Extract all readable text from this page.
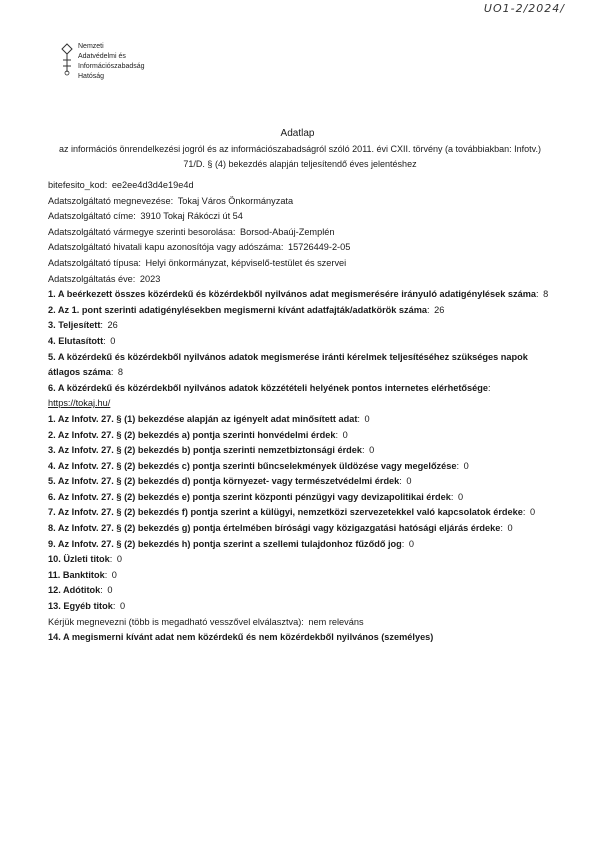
UO1-2/2024/
Nemzeti
Adatvédelmi és
Információszabadság
Hatóság
Adatlap
az információs önrendelkezési jogról és az információszabadságról szóló 2011. évi CXII. törvény (a továbbiakban: Infotv.) 71/D. § (4) bekezdés alapján teljesítendő éves jelentéshez
bitefesito_kod: ee2ee4d3d4e19e4d
Adatszolgáltató megnevezése: Tokaj Város Önkormányzata
Adatszolgáltató címe: 3910 Tokaj Rákóczi út 54
Adatszolgáltató vármegye szerinti besorolása: Borsod-Abaúj-Zemplén
Adatszolgáltató hivatali kapu azonosítója vagy adószáma: 15726449-2-05
Adatszolgáltató típusa: Helyi önkormányzat, képviselő-testület és szervei
Adatszolgáltatás éve: 2023
1. A beérkezett összes közérdekű és közérdekből nyilvános adat megismerésére irányuló adatigénylések száma: 8
2. Az 1. pont szerinti adatigénylésekben megismerni kívánt adatfajták/adatkörök száma: 26
3. Teljesített: 26
4. Elutasított: 0
5. A közérdekű és közérdekből nyilvános adatok megismerése iránti kérelmek teljesítéséhez szükséges napok átlagos száma: 8
6. A közérdekű és közérdekből nyilvános adatok közzétételi helyének pontos internetes elérhetősége: https://tokaj.hu/
1. Az Infotv. 27. § (1) bekezdése alapján az igényelt adat minősített adat: 0
2. Az Infotv. 27. § (2) bekezdés a) pontja szerinti honvédelmi érdek: 0
3. Az Infotv. 27. § (2) bekezdés b) pontja szerinti nemzetbiztonsági érdek: 0
4. Az Infotv. 27. § (2) bekezdés c) pontja szerinti bűncselekmények üldözése vagy megelőzése: 0
5. Az Infotv. 27. § (2) bekezdés d) pontja környezet- vagy természetvédelmi érdek: 0
6. Az Infotv. 27. § (2) bekezdés e) pontja szerint központi pénzügyi vagy devizapolitikai érdek: 0
7. Az Infotv. 27. § (2) bekezdés f) pontja szerint a külügyi, nemzetközi szervezetekkel való kapcsolatok érdeke: 0
8. Az Infotv. 27. § (2) bekezdés g) pontja értelmében bírósági vagy közigazgatási hatósági eljárás érdeke: 0
9. Az Infotv. 27. § (2) bekezdés h) pontja szerint a szellemi tulajdonhoz fűződő jog: 0
10. Üzleti titok: 0
11. Banktitok: 0
12. Adótitok: 0
13. Egyéb titok: 0
Kérjük megnevezni (több is megadható vesszővel elválasztva): nem releváns
14. A megismerni kívánt adat nem közérdekű és nem közérdekből nyilvános (személyes)
